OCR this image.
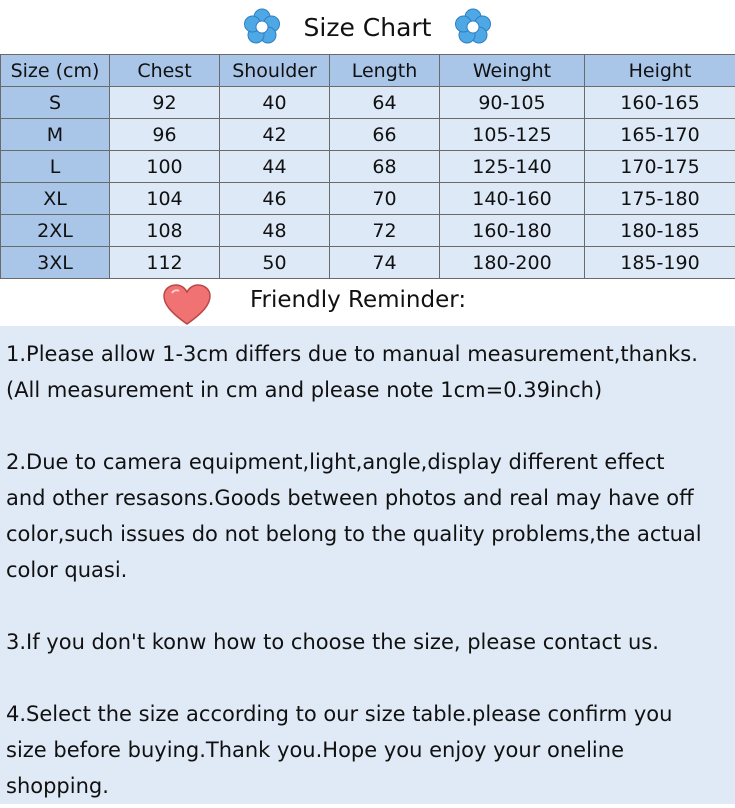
Size Chart
Size (cm)	Chest	Shoulder	Length	Weinght	Height
S	92	40	64	90-105	160-165
M	96	42	66	105-125	165-170
L	100	44	68	125-140	170-175
XL	104	46	70	140-160	175-180
2XL	108	48	72	160-180	180-185
3XL	112	50	74	180-200	185-190
Friendly Reminder:

1.Please allow 1-3cm differs due to manual measurement,thanks.

(All measurement in cm and please note 1cm=0.39inch)

2.Due to camera equipment,light,angle,display different effect

and other resasons.Goods between photos and real may have off

color,such issues do not belong to the quality problems,the actual

color quasi.

3.If you don't konw how to choose the size, please contact us.

4.Select the size according to our size table.please confirm you

size before buying.Thank you.Hope you enjoy your oneline

shopping.
